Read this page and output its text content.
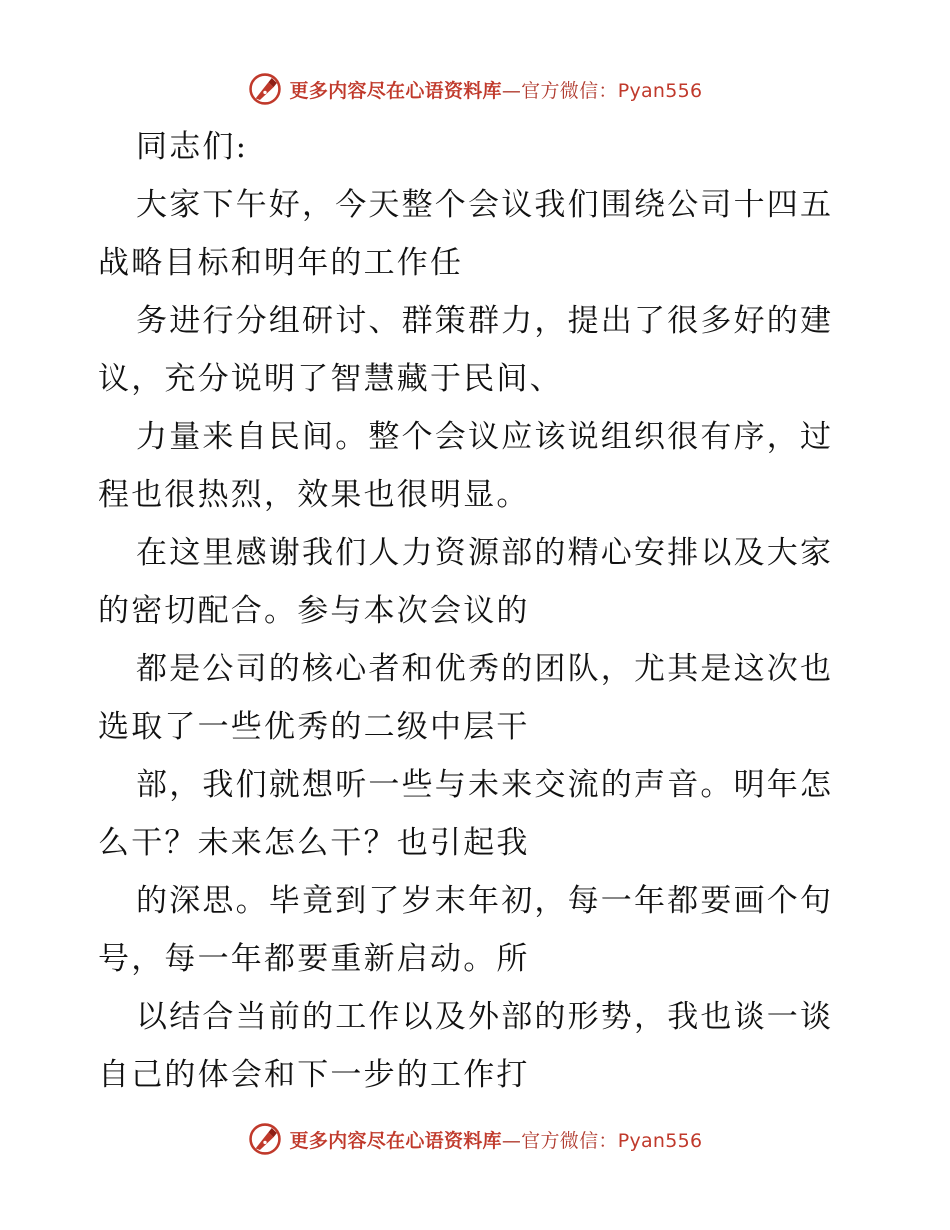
更多内容尽在心语资料库—官方微信：Pyan556

同志们:

大家下午好，今天整个会议我们围绕公司十四五战略目标和明年的工作任

务进行分组研讨、群策群力，提出了很多好的建议，充分说明了智慧藏于民间、

力量来自民间。整个会议应该说组织很有序，过程也很热烈，效果也很明显。

在这里感谢我们人力资源部的精心安排以及大家的密切配合。参与本次会议的

都是公司的核心者和优秀的团队，尤其是这次也选取了一些优秀的二级中层干

部，我们就想听一些与未来交流的声音。明年怎么干？未来怎么干？也引起我

的深思。毕竟到了岁末年初，每一年都要画个句号，每一年都要重新启动。所

以结合当前的工作以及外部的形势，我也谈一谈自己的体会和下一步的工作打

更多内容尽在心语资料库—官方微信：Pyan556
